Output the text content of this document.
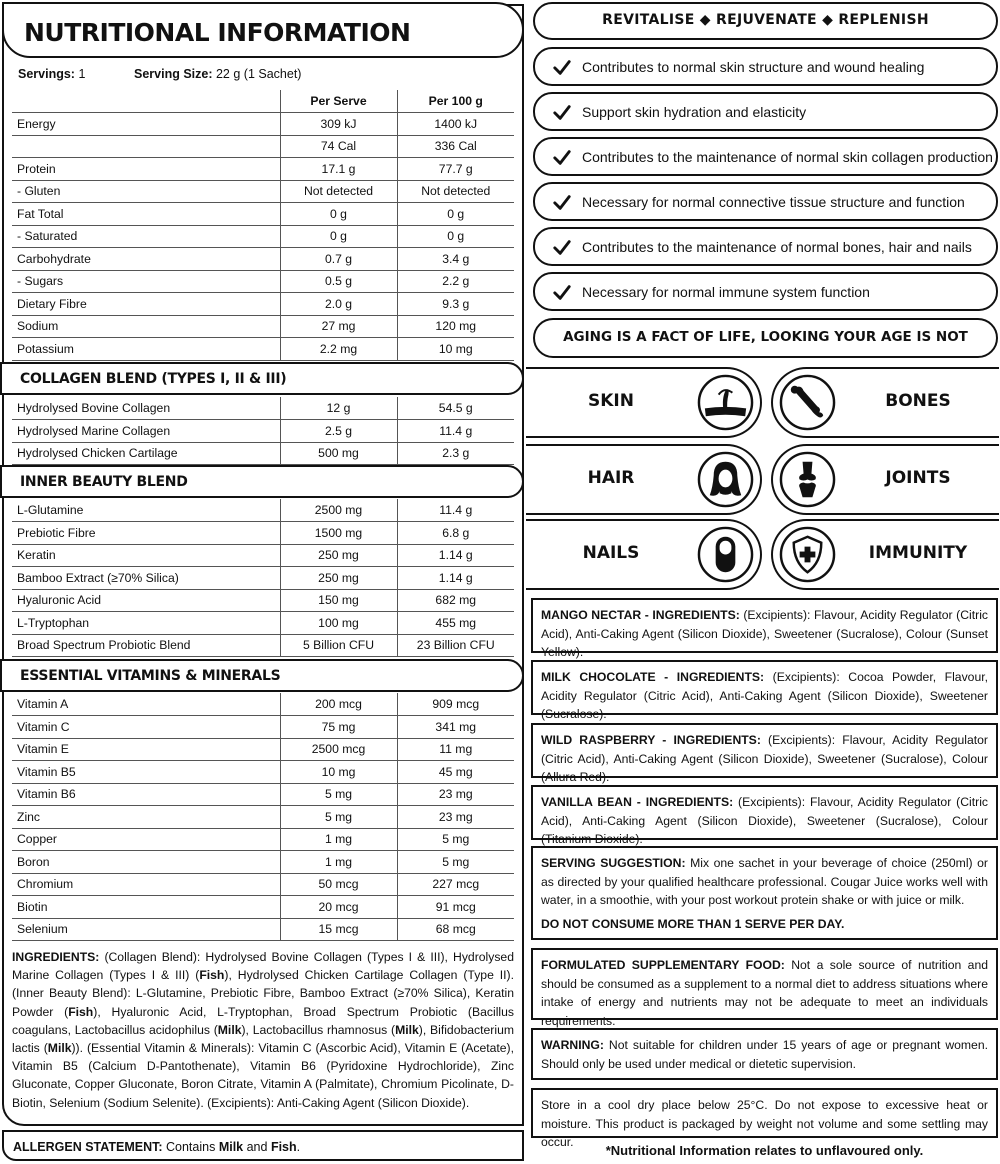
NUTRITIONAL INFORMATION
Servings: 1	Serving Size: 22 g (1 Sachet)
	Per Serve	Per 100 g
Energy	309 kJ	1400 kJ
	74 Cal	336 Cal
Protein	17.1 g	77.7 g
- Gluten	Not detected	Not detected
Fat Total	0 g	0 g
- Saturated	0 g	0 g
Carbohydrate	0.7 g	3.4 g
- Sugars	0.5 g	2.2 g
Dietary Fibre	2.0 g	9.3 g
Sodium	27 mg	120 mg
Potassium	2.2 mg	10 mg
COLLAGEN BLEND (TYPES I, II & III)
Hydrolysed Bovine Collagen	12 g	54.5 g
Hydrolysed Marine Collagen	2.5 g	11.4 g
Hydrolysed Chicken Cartilage	500 mg	2.3 g
INNER BEAUTY BLEND
L-Glutamine	2500 mg	11.4 g
Prebiotic Fibre	1500 mg	6.8 g
Keratin	250 mg	1.14 g
Bamboo Extract (≥70% Silica)	250 mg	1.14 g
Hyaluronic Acid	150 mg	682 mg
L-Tryptophan	100 mg	455 mg
Broad Spectrum Probiotic Blend	5 Billion CFU	23 Billion CFU
ESSENTIAL VITAMINS & MINERALS
Vitamin A	200 mcg	909 mcg
Vitamin C	75 mg	341 mg
Vitamin E	2500 mcg	11 mg
Vitamin B5	10 mg	45 mg
Vitamin B6	5 mg	23 mg
Zinc	5 mg	23 mg
Copper	1 mg	5 mg
Boron	1 mg	5 mg
Chromium	50 mcg	227 mcg
Biotin	20 mcg	91 mcg
Selenium	15 mcg	68 mcg
INGREDIENTS: (Collagen Blend): Hydrolysed Bovine Collagen (Types I & III), Hydrolysed Marine Collagen (Types I & III) (Fish), Hydrolysed Chicken Cartilage Collagen (Type II). (Inner Beauty Blend): L-Glutamine, Prebiotic Fibre, Bamboo Extract (≥70% Silica), Keratin Powder (Fish), Hyaluronic Acid, L-Tryptophan, Broad Spectrum Probiotic (Bacillus coagulans, Lactobacillus acidophilus (Milk), Lactobacillus rhamnosus (Milk), Bifidobacterium lactis (Milk)). (Essential Vitamin & Minerals): Vitamin C (Ascorbic Acid), Vitamin E (Acetate), Vitamin B5 (Calcium D-Pantothenate), Vitamin B6 (Pyridoxine Hydrochloride), Zinc Gluconate, Copper Gluconate, Boron Citrate, Vitamin A (Palmitate), Chromium Picolinate, D-Biotin, Selenium (Sodium Selenite). (Excipients): Anti-Caking Agent (Silicon Dioxide).
ALLERGEN STATEMENT: Contains Milk and Fish.
REVITALISE ◆ REJUVENATE ◆ REPLENISH
Contributes to normal skin structure and wound healing
Support skin hydration and elasticity
Contributes to the maintenance of normal skin collagen production
Necessary for normal connective tissue structure and function
Contributes to the maintenance of normal bones, hair and nails
Necessary for normal immune system function
AGING IS A FACT OF LIFE, LOOKING YOUR AGE IS NOT
SKIN	BONES
HAIR	JOINTS
NAILS	IMMUNITY
MANGO NECTAR - INGREDIENTS: (Excipients): Flavour, Acidity Regulator (Citric Acid), Anti-Caking Agent (Silicon Dioxide), Sweetener (Sucralose), Colour (Sunset Yellow).
MILK CHOCOLATE - INGREDIENTS: (Excipients): Cocoa Powder, Flavour, Acidity Regulator (Citric Acid), Anti-Caking Agent (Silicon Dioxide), Sweetener (Sucralose).
WILD RASPBERRY - INGREDIENTS: (Excipients): Flavour, Acidity Regulator (Citric Acid), Anti-Caking Agent (Silicon Dioxide), Sweetener (Sucralose), Colour (Allura Red).
VANILLA BEAN - INGREDIENTS: (Excipients): Flavour, Acidity Regulator (Citric Acid), Anti-Caking Agent (Silicon Dioxide), Sweetener (Sucralose), Colour (Titanium Dioxide).

SERVING SUGGESTION: Mix one sachet in your beverage of choice (250ml) or as directed by your qualified healthcare professional. Cougar Juice works well with water, in a smoothie, with your post workout protein shake or with juice or milk.

DO NOT CONSUME MORE THAN 1 SERVE PER DAY.

FORMULATED SUPPLEMENTARY FOOD: Not a sole source of nutrition and should be consumed as a supplement to a normal diet to address situations where intake of energy and nutrients may not be adequate to meet an individuals requirements.

WARNING: Not suitable for children under 15 years of age or pregnant women. Should only be used under medical or dietetic supervision.

Store in a cool dry place below 25°C. Do not expose to excessive heat or moisture. This product is packaged by weight not volume and some settling may occur.

*Nutritional Information relates to unflavoured only.
